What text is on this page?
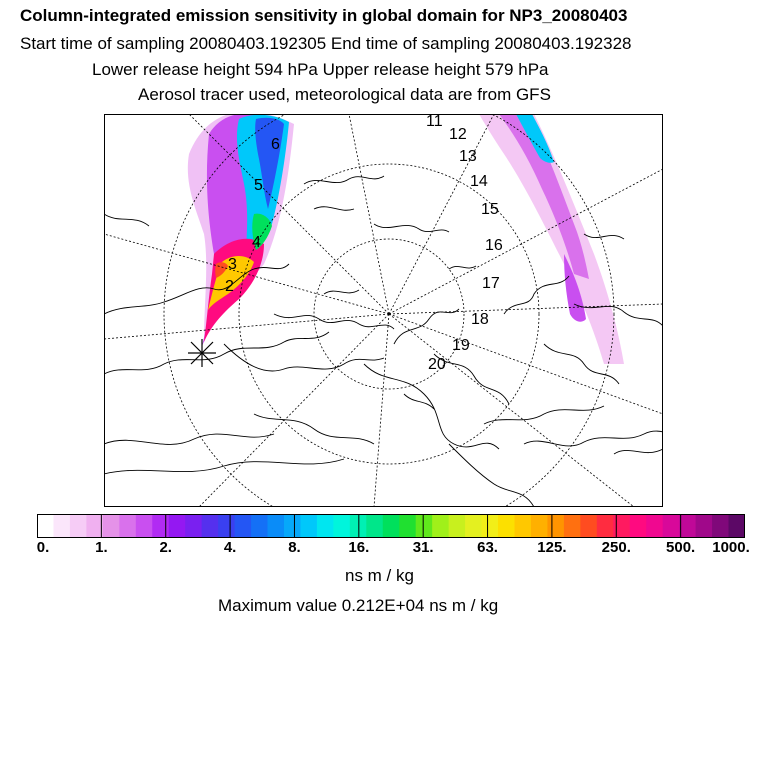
Column-integrated emission sensitivity in global domain for NP3_20080403
Start time of sampling 20080403.192305 End time of sampling 20080403.192328
Lower release height 594 hPa Upper release height 579 hPa
Aerosol tracer used, meteorological data are from GFS
2
3
4
5
6
11
12
13
14
15
16
17
18
19
20
0.	1.	2.	4.	8.	16.	31.	63.	125. 250. 500. 1000.
ns m / kg
Maximum value 0.212E+04 ns m / kg
